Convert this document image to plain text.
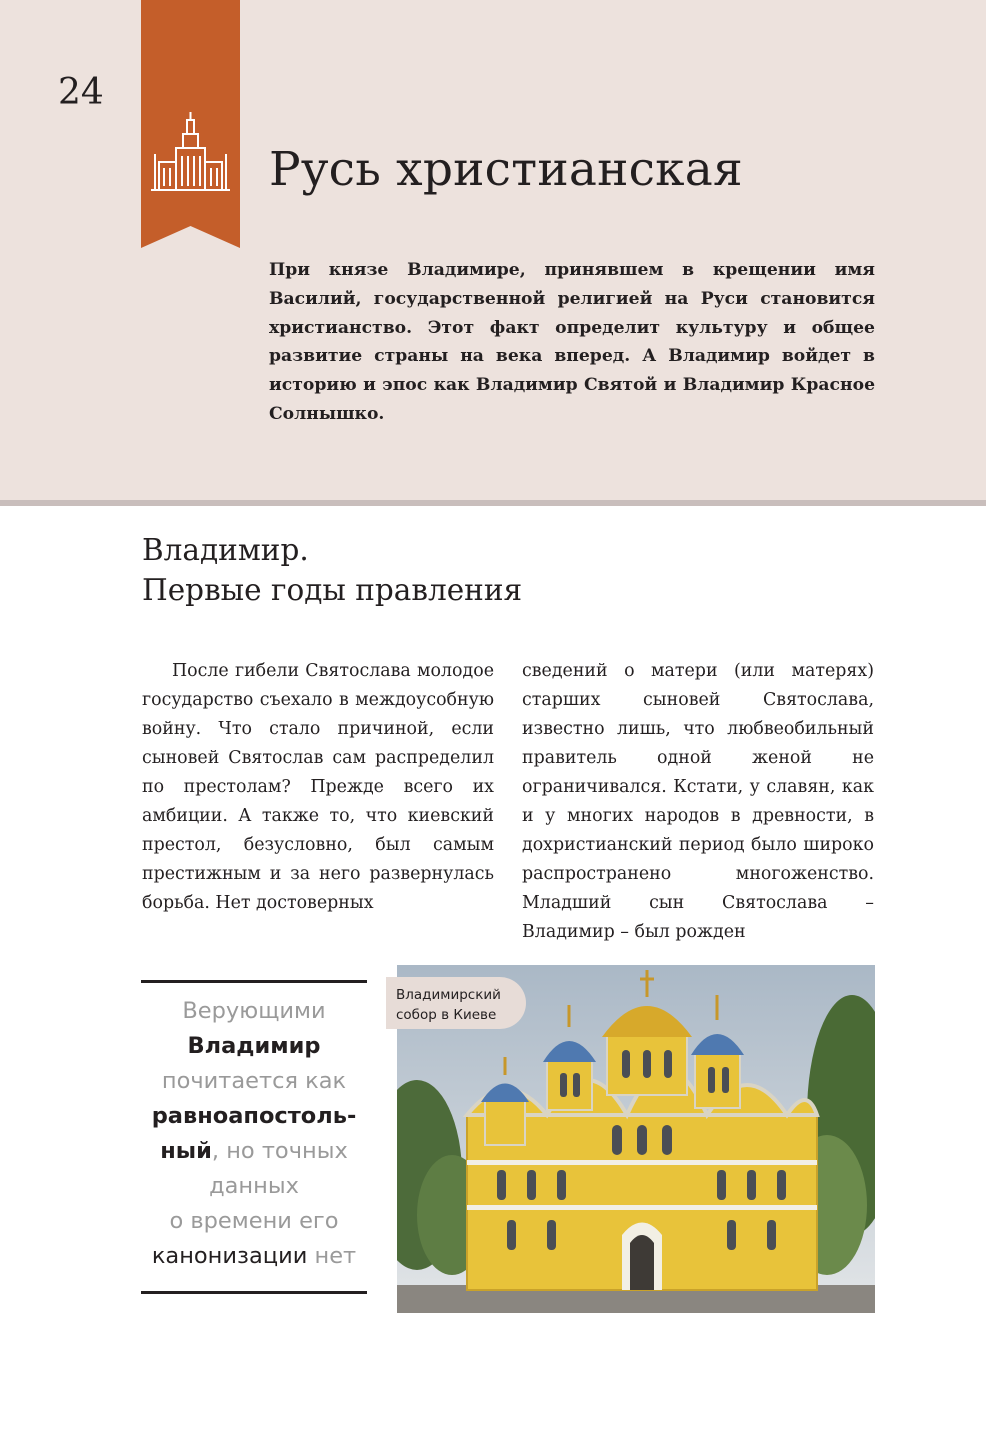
24
Русь христианская

При князе Владимире, принявшем в крещении имя Василий, государственной религией на Руси становится христианство. Этот факт определит культуру и общее развитие страны на века вперед. А Владимир войдет в историю и эпос как Владимир Святой и Владимир Красное Солнышко.

Владимир.
Первые годы правления

После гибели Святослава молодое государство съехало в междоусобную войну. Что стало причиной, если сыновей Святослав сам распределил по престолам? Прежде всего их амбиции. А также то, что киевский престол, безусловно, был самым престижным и за него развернулась борьба. Нет достоверных

сведений о матери (или матерях) старших сыновей Святослава, известно лишь, что любвеобильный правитель одной женой не ограничивался. Кстати, у славян, как и у многих народов в древности, в дохристианский период было широко распространено многоженство. Младший сын Святослава – Владимир – был рожден

Верующими
Владимир
почитается как
равноапостоль-
ный, но точных
данных
о времени его
канонизации нет
Владимирский
собор в Киеве
